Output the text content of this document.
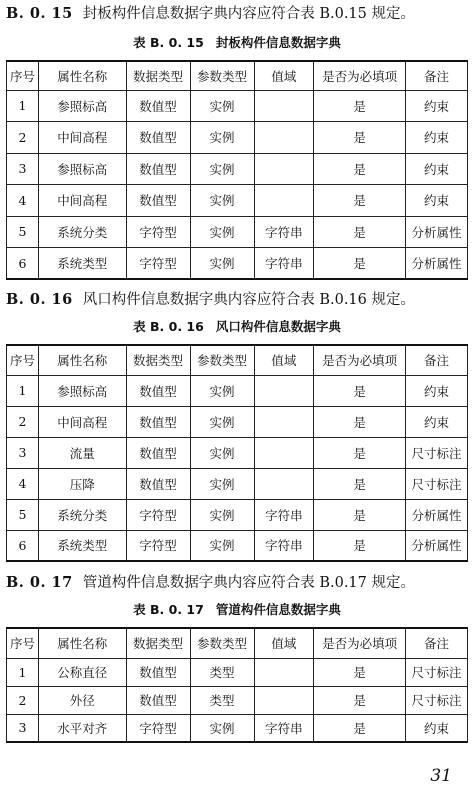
B. 0. 15 封板构件信息数据字典内容应符合表 B.0.15 规定。
表 B. 0. 15 封板构件信息数据字典
序号	属性名称	数据类型	参数类型	值域	是否为必填项	备注
1	参照标高	数值型	实例		是	约束
2	中间高程	数值型	实例		是	约束
3	参照标高	数值型	实例		是	约束
4	中间高程	数值型	实例		是	约束
5	系统分类	字符型	实例	字符串	是	分析属性
6	系统类型	字符型	实例	字符串	是	分析属性
B. 0. 16 风口构件信息数据字典内容应符合表 B.0.16 规定。
表 B. 0. 16 风口构件信息数据字典
序号	属性名称	数据类型	参数类型	值域	是否为必填项	备注
1	参照标高	数值型	实例		是	约束
2	中间高程	数值型	实例		是	约束
3	流量	数值型	实例		是	尺寸标注
4	压降	数值型	实例		是	尺寸标注
5	系统分类	字符型	实例	字符串	是	分析属性
6	系统类型	字符型	实例	字符串	是	分析属性
B. 0. 17 管道构件信息数据字典内容应符合表 B.0.17 规定。
表 B. 0. 17 管道构件信息数据字典
序号	属性名称	数据类型	参数类型	值域	是否为必填项	备注
1	公称直径	数值型	类型		是	尺寸标注
2	外径	数值型	类型		是	尺寸标注
3	水平对齐	字符型	实例	字符串	是	约束
31
